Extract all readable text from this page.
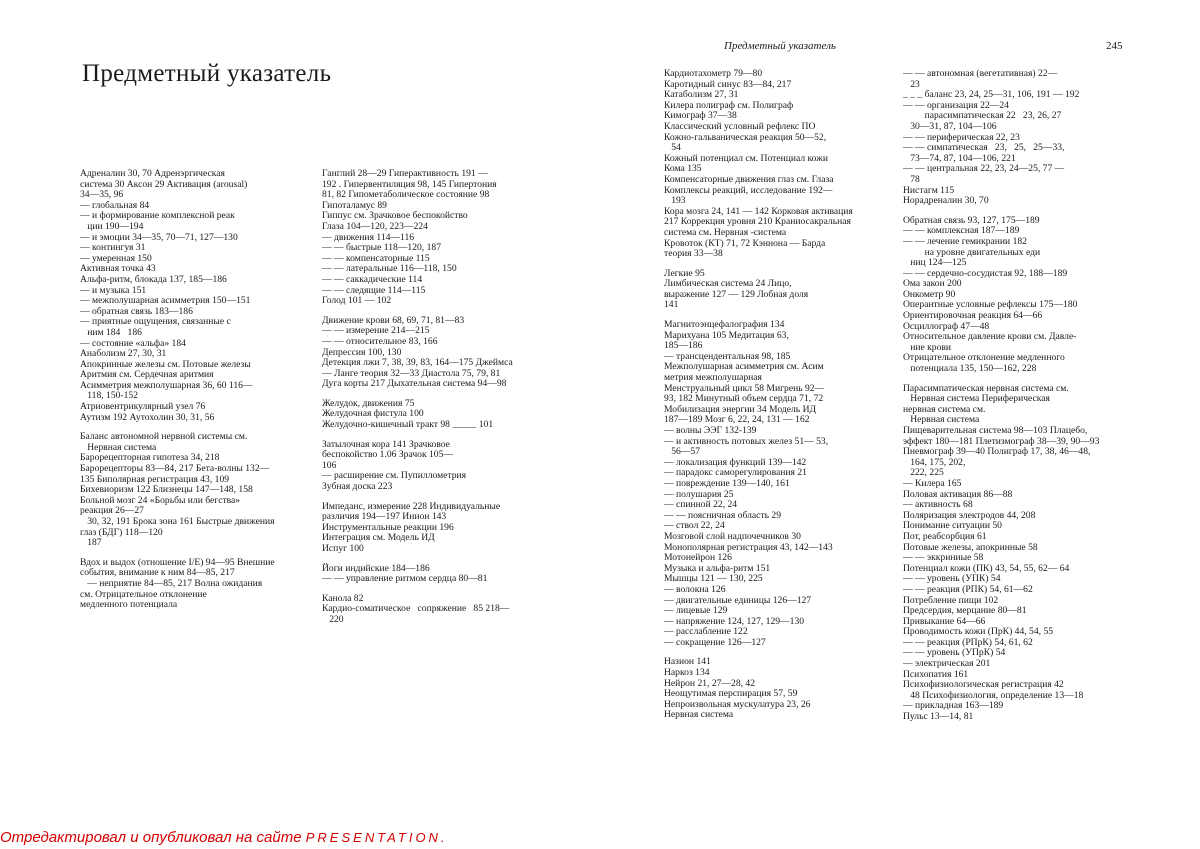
Предметный указатель	245
Предметный указатель
Адреналин 30, 70 Адренэргическая
система 30 Аксон 29 Активация (arousal)
34—35, 96
— глобальная 84
— и формирование комплексной реак
ции 190—194
— и эмоции 34—35, 70—71, 127—130
— контингуя 31
— умеренная 150
Активная точка 43
Альфа-ритм, блокада 137, 185—186
— и музыка 151
— межполушарная асимметрия 150—151
— обратная связь 183—186
— приятные ощущения, связанные с
ним 184   186
— состояние «альфа» 184
Анаболизм 27, 30, 31
Апокринные железы см. Потовые железы
Аритмия см. Сердечная аритмия
Асимметрия межполушарная 36, 60 116—
118, 150-152
Атриовентрикулярный узел 76
Аутизм 192 Аутохолин 30, 31, 56
Баланс автономной нервной системы см.
Нервная система
Барорецепторная гипотеза 34, 218
Барорецепторы 83—84, 217 Бета-волны 132—
135 Биполярная регистрация 43, 109
Бихевиоризм 122 Близнецы 147—148, 158
Больной мозг 24 «Борьбы или бегства»
реакция 26—27
30, 32, 191 Брока зона 161 Быстрые движения
глаз (БДГ) 118—120
187
Вдох и выдох (отношение I/E) 94—95 Внешние
события, внимание к ним 84—85, 217
— неприятие 84—85, 217 Волна ожидания
см. Отрицательное отклонение
медленного потенциала
Ганглий 28—29 Гиперактивность 191 —
192 . Гипервентиляция 98, 145 Гипертония
81, 82 Гипометаболическое состояние 98
Гипоталамус 89
Гиппус см. Зрачковое беспокойство
Глаза 104—120, 223—224
— движения 114—116
— — быстрые 118—120, 187
— — компенсаторные 115
— — латеральные 116—118, 150
— — саккадические 114
— — следящие 114—115
Голод 101 — 102
Движение крови 68, 69, 71, 81—83
— — измерение 214—215
— — относительное 83, 166
Депрессия 100, 130
Детекция лжи 7, 38, 39, 83, 164—175 Джеймса
— Ланге теория 32—33 Диастола 75, 79, 81
Дуга корты 217 Дыхательная система 94—98
Желудок, движения 75
Желудочная фистула 100
Желудочно-кишечный тракт 98 _____ 101
Затылочная кора 141 Зрачковое
беспокойство 1.06 Зрачок 105—
106
— расширение см. Пупиллометрия
Зубная доска 223
Импеданс, измерение 228 Индивидуальные
различия 194—197 Инион 143
Инструментальные реакции 196
Интеграция см. Модель ИД
Испуг 100
Йоги индийские 184—186
— — управление ритмом сердца 80—81
Канола 82
Кардио-соматическое   сопряжение   85 218—
220
Кардиотахометр 79—80
Каротидный синус 83—84, 217
Катаболизм 27, 31
Килера полиграф см. Полиграф
Кимограф 37—38
Классический условный рефлекс ПО
Кожно-гальваническая реакция 50—52,
54
Кожный потенциал см. Потенциал кожи
Кома 135
Компенсаторные движения глаз см. Глаза
Комплексы реакций, исследование 192—
193
Кора мозга 24, 141 — 142 Корковая активация
217 Коррекция уровня 210 Краниосакральная
система см. Нервная -система
Кровоток (КТ) 71, 72 Кэннона — Барда
теория 33—38
Легкие 95
Лимбическая система 24 Лицо,
выражение 127 — 129 Лобная доля
141
Магнитоэнцефалография 134
Марихуана 105 Медитация 63,
185—186
— трансцендентальная 98, 185
Межполушарная асимметрия см. Асим
метрия межполушарная
Менструальный цикл 58 Мигрень 92—
93, 182 Минутный объем сердца 71, 72
Мобилизация энергии 34 Модель ИД
187—189 Мозг 6, 22, 24, 131 — 162
— волны ЭЭГ 132-139
— и активность потовых желез 51— 53,
56—57
— локализация функций 139—142
— парадокс саморегулирования 21
— повреждение 139—140, 161
— полушария 25
— спинной 22, 24
— — поясничная область 29
— ствол 22, 24
Мозговой слой надпочечников 30
Монополярная регистрация 43, 142—143
Мотонейрон 126
Музыка и альфа-ритм 151
Мышцы 121 — 130, 225
— волокна 126
— двигательные единицы 126—127
— лицевые 129
— напряжение 124, 127, 129—130
— расслабление 122
— сокращение 126—127
Назион 141
Наркоз 134
Нейрон 21, 27—28, 42
Неощутимая перспирация 57, 59
Непроизвольная мускулатура 23, 26
Нервная система
— — автономная (вегетативная) 22—
23
_ _ _ баланс 23, 24, 25—31, 106, 191 — 192
— — организация 22—24
парасимпатическая 22   23, 26, 27
30—31, 87, 104—106
— — периферическая 22, 23
— — симпатическая   23,   25,   25—33,
73—74, 87, 104—106, 221
— — центральная 22, 23, 24—25, 77 —
78
Нистагм 115
Норадреналин 30, 70
Обратная связь 93, 127, 175—189
— — комплексная 187—189
— — лечение гемикрании 182
на уровне двигательных еди
ниц 124—125
— — сердечно-сосудистая 92, 188—189
Ома закон 200
Онкометр 90
Оперантные условные рефлексы 175—180
Ориентировочная реакция 64—66
Осциллограф 47—48
Относительное давление крови см. Давле-
ние крови
Отрицательное отклонение медленного
потенциала 135, 150—162, 228
Парасимпатическая нервная система см.
Нервная система Периферическая
нервная система см.
Нервная система
Пищеварительная система 98—103 Плацебо,
эффект 180—181 Плетизмограф 38—39, 90—93
Пневмограф 39—40 Полиграф 17, 38, 46—48,
164, 175, 202,
222, 225
— Килера 165
Половая активация 86—88
— активность 68
Поляризация электродов 44, 208
Понимание ситуации 50
Пот, реабсорбция 61
Потовые железы, апокринные 58
— — эккриниые 58
Потенциал кожи (ПК) 43, 54, 55, 62— 64
— — уровень (УПК) 54
— — реакция (РПК) 54, 61—62
Потребление пищи 102
Предсердия, мерцание 80—81
Привыкание 64—66
Проводимость кожи (ПрК) 44, 54, 55
— — реакция (РПрК) 54, 61, 62
— — уровень (УПрК) 54
— электрическая 201
Психопатия 161
Психофизиологическая регистрация 42
48 Психофизиология, определение 13—18
— прикладная 163—189
Пульс 13—14, 81
Отредактировал и опубликовал на сайте PRESENTATION.
